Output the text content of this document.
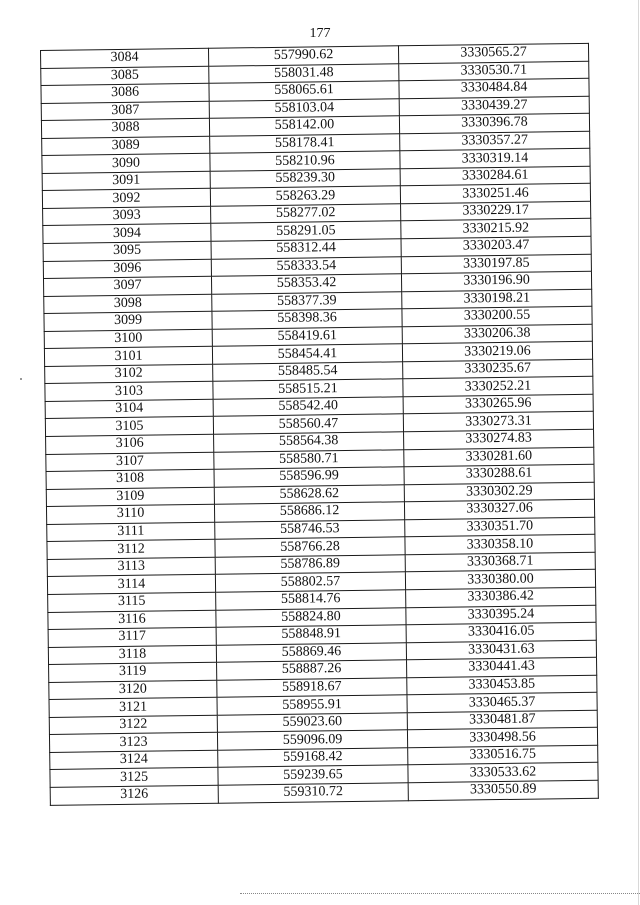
177
3084	557990.62	3330565.27
3085	558031.48	3330530.71
3086	558065.61	3330484.84
3087	558103.04	3330439.27
3088	558142.00	3330396.78
3089	558178.41	3330357.27
3090	558210.96	3330319.14
3091	558239.30	3330284.61
3092	558263.29	3330251.46
3093	558277.02	3330229.17
3094	558291.05	3330215.92
3095	558312.44	3330203.47
3096	558333.54	3330197.85
3097	558353.42	3330196.90
3098	558377.39	3330198.21
3099	558398.36	3330200.55
3100	558419.61	3330206.38
3101	558454.41	3330219.06
3102	558485.54	3330235.67
3103	558515.21	3330252.21
3104	558542.40	3330265.96
3105	558560.47	3330273.31
3106	558564.38	3330274.83
3107	558580.71	3330281.60
3108	558596.99	3330288.61
3109	558628.62	3330302.29
3110	558686.12	3330327.06
3111	558746.53	3330351.70
3112	558766.28	3330358.10
3113	558786.89	3330368.71
3114	558802.57	3330380.00
3115	558814.76	3330386.42
3116	558824.80	3330395.24
3117	558848.91	3330416.05
3118	558869.46	3330431.63
3119	558887.26	3330441.43
3120	558918.67	3330453.85
3121	558955.91	3330465.37
3122	559023.60	3330481.87
3123	559096.09	3330498.56
3124	559168.42	3330516.75
3125	559239.65	3330533.62
3126	559310.72	3330550.89
